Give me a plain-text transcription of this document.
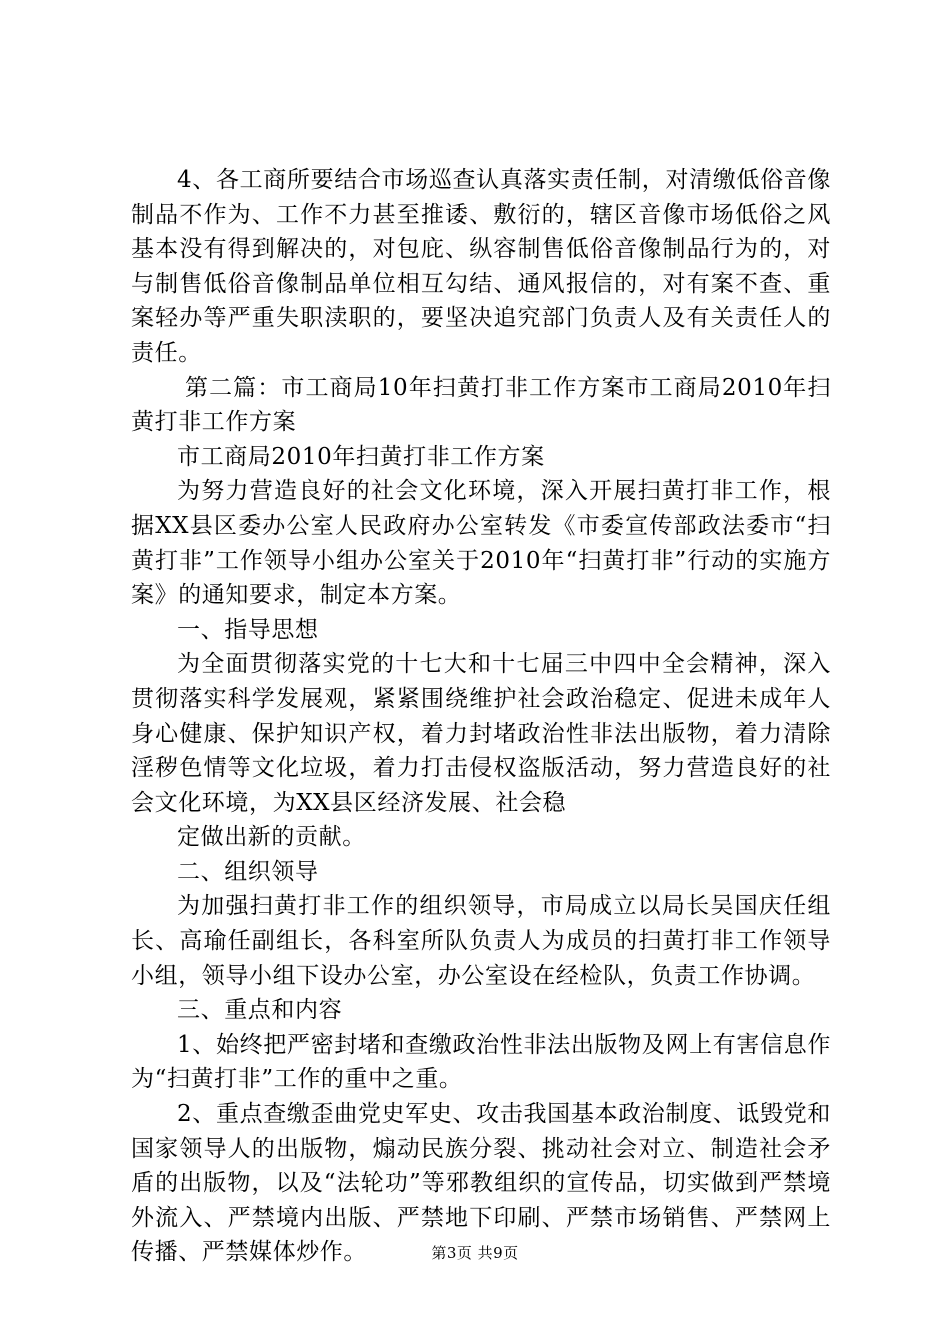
4、各工商所要结合市场巡查认真落实责任制，对清缴低俗音像制品不作为、工作不力甚至推诿、敷衍的，辖区音像市场低俗之风基本没有得到解决的，对包庇、纵容制售低俗音像制品行为的，对与制售低俗音像制品单位相互勾结、通风报信的，对有案不查、重案轻办等严重失职渎职的，要坚决追究部门负责人及有关责任人的责任。

第二篇：市工商局10年扫黄打非工作方案市工商局2010年扫黄打非工作方案

市工商局2010年扫黄打非工作方案

为努力营造良好的社会文化环境，深入开展扫黄打非工作，根据XX县区委办公室人民政府办公室转发《市委宣传部政法委市“扫黄打非”工作领导小组办公室关于2010年“扫黄打非”行动的实施方案》的通知要求，制定本方案。

一、指导思想

为全面贯彻落实党的十七大和十七届三中四中全会精神，深入贯彻落实科学发展观，紧紧围绕维护社会政治稳定、促进未成年人身心健康、保护知识产权，着力封堵政治性非法出版物，着力清除淫秽色情等文化垃圾，着力打击侵权盗版活动，努力营造良好的社会文化环境，为XX县区经济发展、社会稳

定做出新的贡献。

二、组织领导

为加强扫黄打非工作的组织领导，市局成立以局长吴国庆任组长、高瑜任副组长，各科室所队负责人为成员的扫黄打非工作领导小组，领导小组下设办公室，办公室设在经检队，负责工作协调。

三、重点和内容

1、始终把严密封堵和查缴政治性非法出版物及网上有害信息作为“扫黄打非”工作的重中之重。

2、重点查缴歪曲党史军史、攻击我国基本政治制度、诋毁党和国家领导人的出版物，煽动民族分裂、挑动社会对立、制造社会矛盾的出版物，以及“法轮功”等邪教组织的宣传品，切实做到严禁境外流入、严禁境内出版、严禁地下印刷、严禁市场销售、严禁网上传播、严禁媒体炒作。	第3页 共9页
